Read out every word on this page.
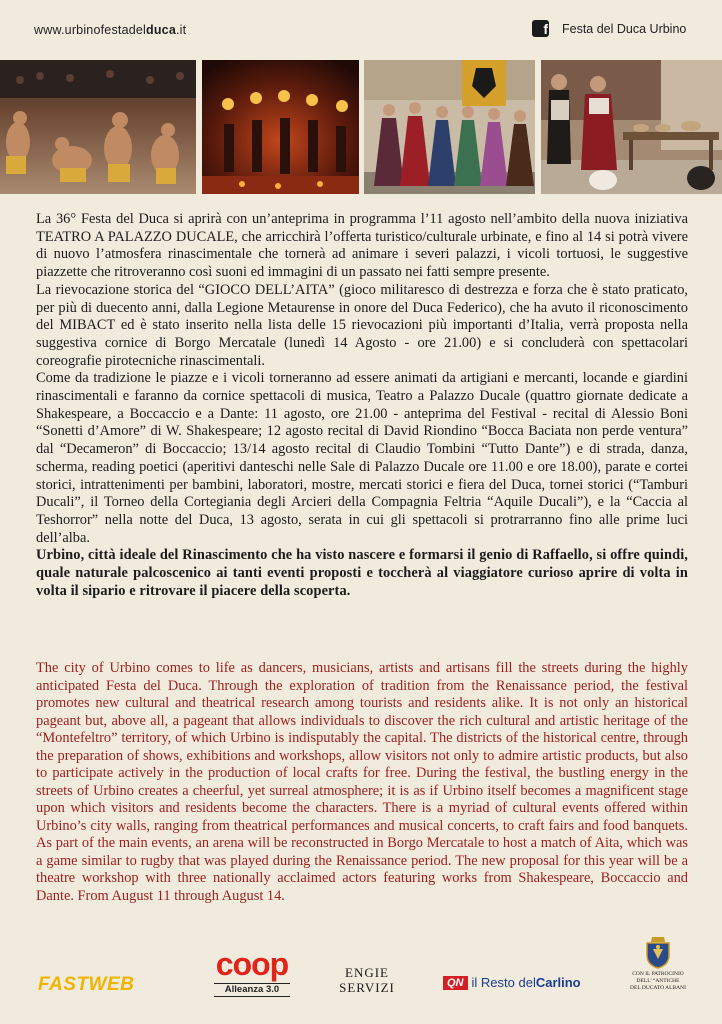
www.urbinofestadelduca.it	f Festa del Duca Urbino

La 36° Festa del Duca si aprirà con un’anteprima in programma l’11 agosto nell’ambito della nuova iniziativa TEATRO A PALAZZO DUCALE, che arricchirà l’offerta turistico/culturale urbinate, e fino al 14 si potrà vivere di nuovo l’atmosfera rinascimentale che tornerà ad animare i severi palazzi, i vicoli tortuosi, le suggestive piazzette che ritroveranno così suoni ed immagini di un passato nei fatti sempre presente.

La rievocazione storica del “GIOCO DELL’AITA” (gioco militaresco di destrezza e forza che è stato praticato, per più di duecento anni, dalla Legione Metaurense in onore del Duca Federico), che ha avuto il riconoscimento del MIBACT ed è stato inserito nella lista delle 15 rievocazioni più importanti d’Italia, verrà proposta nella suggestiva cornice di Borgo Mercatale (lunedì 14 Agosto - ore 21.00) e si concluderà con spettacolari coreografie pirotecniche rinascimentali.

Come da tradizione le piazze e i vicoli torneranno ad essere animati da artigiani e mercanti, locande e giardini rinascimentali e faranno da cornice spettacoli di musica, Teatro a Palazzo Ducale (quattro giornate dedicate a Shakespeare, a Boccaccio e a Dante: 11 agosto, ore 21.00 - anteprima del Festival - recital di Alessio Boni “Sonetti d’Amore” di W. Shakespeare; 12 agosto recital di David Riondino “Bocca Baciata non perde ventura” dal “Decameron” di Boccaccio; 13/14 agosto recital di Claudio Tombini “Tutto Dante”) e di strada, danza, scherma, reading poetici (aperitivi danteschi nelle Sale di Palazzo Ducale ore 11.00 e ore 18.00), parate e cortei storici, intrattenimenti per bambini, laboratori, mostre, mercati storici e fiera del Duca, tornei storici (“Tamburi Ducali”, il Torneo della Cortegiania degli Arcieri della Compagnia Feltria “Aquile Ducali”), e la “Caccia al Teshorror” nella notte del Duca, 13 agosto, serata in cui gli spettacoli si protrarranno fino alle prime luci dell’alba.

Urbino, città ideale del Rinascimento che ha visto nascere e formarsi il genio di Raffaello, si offre quindi, quale naturale palcoscenico ai tanti eventi proposti e toccherà al viaggiatore curioso aprire di volta in volta il sipario e ritrovare il piacere della scoperta.

The city of Urbino comes to life as dancers, musicians, artists and artisans fill the streets during the highly anticipated Festa del Duca. Through the exploration of tradition from the Renaissance period, the festival promotes new cultural and theatrical research among tourists and residents alike. It is not only an historical pageant but, above all, a pageant that allows individuals to discover the rich cultural and artistic heritage of the “Montefeltro” territory, of which Urbino is indisputably the capital. The districts of the historical centre, through the preparation of shows, exhibitions and workshops, allow visitors not only to admire artistic products, but also to participate actively in the production of local crafts for free. During the festival, the bustling energy in the streets of Urbino creates a cheerful, yet surreal atmosphere; it is as if Urbino itself becomes a magnificent stage upon which visitors and residents become the characters. There is a myriad of cultural events offered within Urbino’s city walls, ranging from theatrical performances and musical concerts, to craft fairs and food banquets. As part of the main events, an arena will be reconstructed in Borgo Mercatale to host a match of Aita, which was a game similar to rugby that was played during the Renaissance period. The new proposal for this year will be a theatre workshop with three nationally acclaimed actors featuring works from Shakespeare, Boccaccio and Dante. From August 11 through August 14.

FASTWEB
coop
Alleanza 3.0
ENGIE
SERVIZI	QN il Resto delCarlino
CON IL PATROCINIO
DELL’ “ANTICHE
DEL DUCATO ALBANI
